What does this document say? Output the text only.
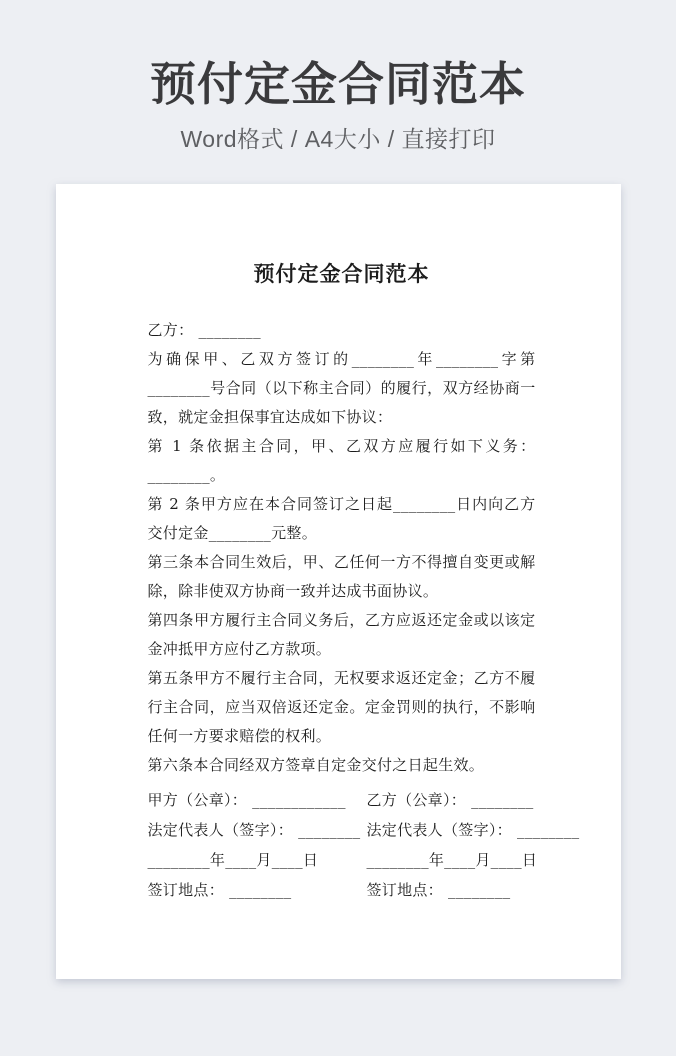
预付定金合同范本

Word格式 / A4大小 / 直接打印

预付定金合同范本

乙方： ________

为确保甲、乙双方签订的________年________字第________号合同（以下称主合同）的履行，双方经协商一致，就定金担保事宜达成如下协议：

第 1 条依据主合同，甲、乙双方应履行如下义务： ________。

第 2 条甲方应在本合同签订之日起________日内向乙方交付定金________元整。

第三条本合同生效后，甲、乙任何一方不得擅自变更或解除，除非使双方协商一致并达成书面协议。

第四条甲方履行主合同义务后，乙方应返还定金或以该定金冲抵甲方应付乙方款项。

第五条甲方不履行主合同，无权要求返还定金；乙方不履行主合同，应当双倍返还定金。定金罚则的执行，不影响任何一方要求赔偿的权利。

第六条本合同经双方签章自定金交付之日起生效。

甲方（公章）： ____________	乙方（公章）： ________

法定代表人（签字）： ________ 法定代表人（签字）： ________

________年____月____日	________年____月____日

签订地点： ________	签订地点： ________
